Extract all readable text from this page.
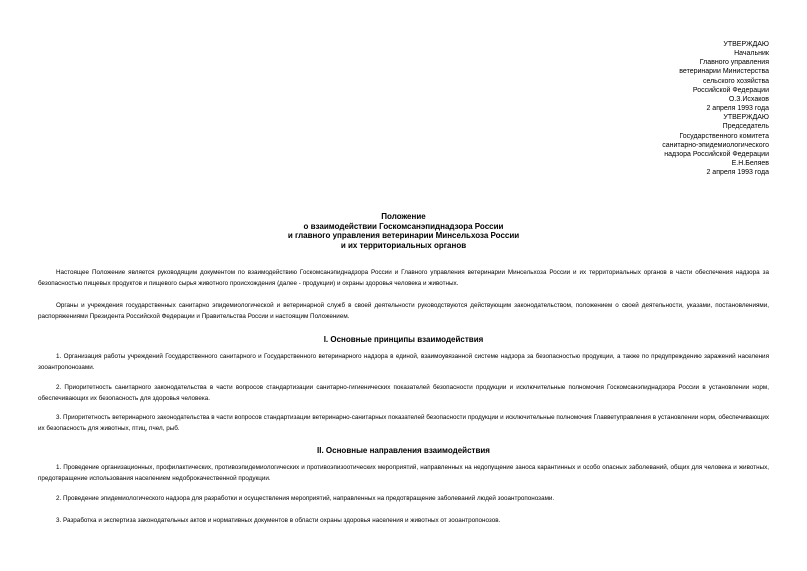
УТВЕРЖДАЮ
Начальник
Главного управления
ветеринарии Министерства
сельского хозяйства
Российской Федерации
О.З.Исхаков
2 апреля 1993 года
УТВЕРЖДАЮ
Председатель
Государственного комитета
санитарно-эпидемиологического
надзора Российской Федерации
Е.Н.Беляев
2 апреля 1993 года
Положение
о взаимодействии Госкомсанэпиднадзора России
и главного управления ветеринарии Минсельхоза России
и их территориальных органов

Настоящее Положение является руководящим документом по взаимодействию Госкомсанэпиднадзора России и Главного управления ветеринарии Минсельхоза России и их территориальных органов в части обеспечения надзора за безопасностью пищевых продуктов и пищевого сырья животного происхождения (далее - продукции) и охраны здоровья человека и животных.

Органы и учреждения государственных санитарно эпидемиологической и ветеринарной служб в своей деятельности руководствуются действующим законодательством, положением о своей деятельности, указами, постановлениями, распоряжениями Президента Российской Федерации и Правительства России и настоящим Положением.

I. Основные принципы взаимодействия

1. Организация работы учреждений Государственного санитарного и Государственного ветеринарного надзора в единой, взаимоувязанной системе надзора за безопасностью продукции, а также по предупреждению заражений населения зооантропонозами.

2. Приоритетность санитарного законодательства в части вопросов стандартизации санитарно-гигиенических показателей безопасности продукции и исключительные полномочия Госкомсанэпиднадзора России в установлении норм, обеспечивающих их безопасность для здоровья человека.

3. Приоритетность ветеринарного законодательства в части вопросов стандартизации ветеринарно-санитарных показателей безопасности продукции и исключительные полномочия Главветуправления в установлении норм, обеспечивающих их безопасность для животных, птиц, пчел, рыб.

II. Основные направления взаимодействия

1. Проведение организационных, профилактических, противоэпидемиологических и противоэпизоотических мероприятий, направленных на недопущение заноса карантинных и особо опасных заболеваний, общих для человека и животных, предотвращение использования населением недоброкачественной продукции.

2. Проведение эпидемиологического надзора для разработки и осуществления мероприятий, направленных на предотвращение заболеваний людей зооантропонозами.

3. Разработка и экспертиза законодательных актов и нормативных документов в области охраны здоровья населения и животных от зооантропонозов.
